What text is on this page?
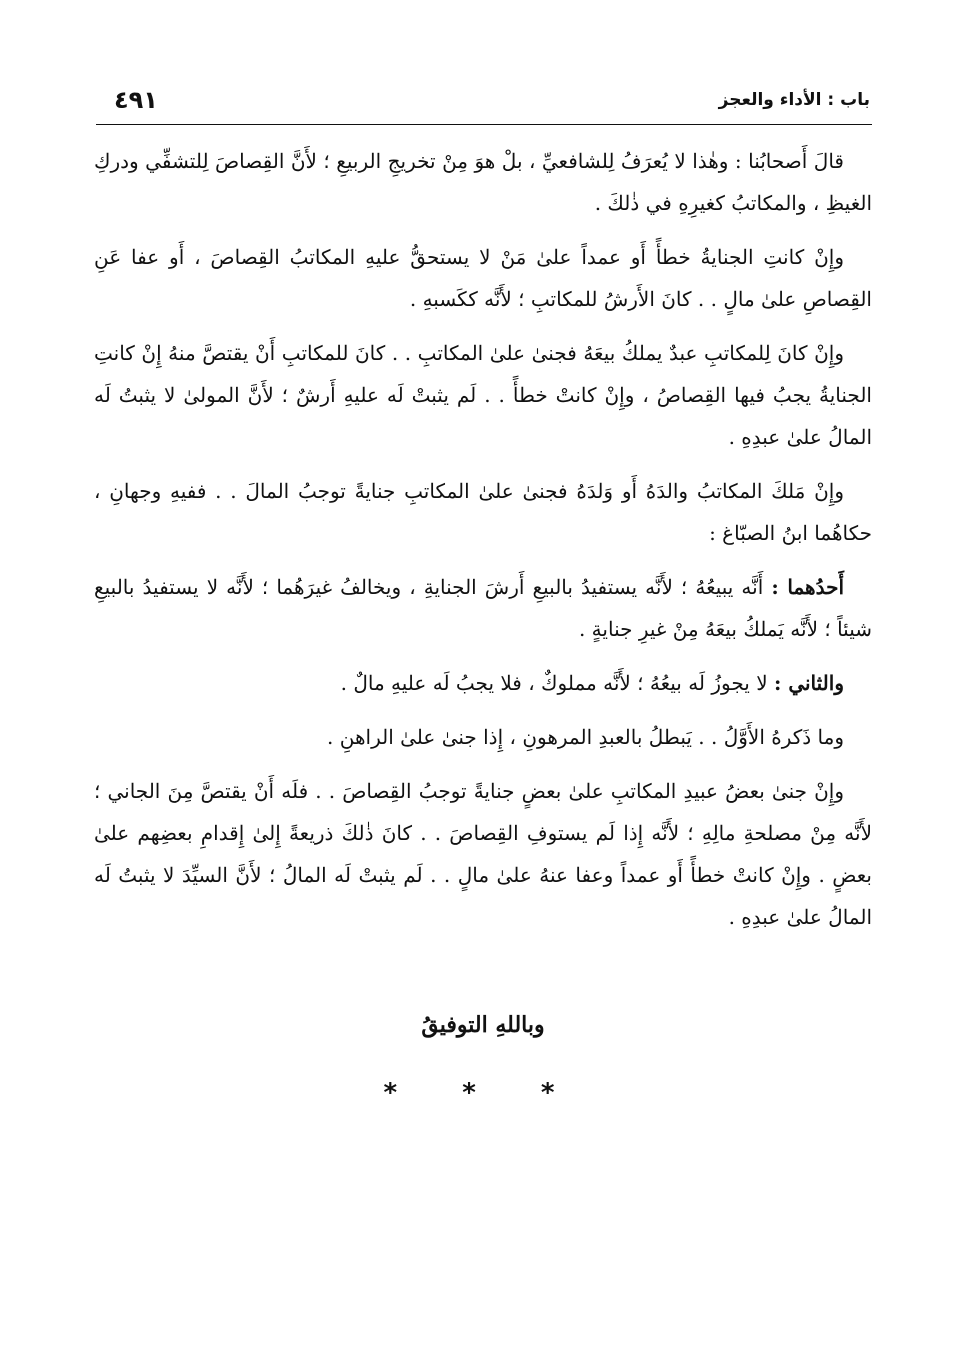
باب : الأداء والعجز
٤٩١

قالَ أَصحابُنا : وهٰذا لا يُعرَفُ لِلشافعيِّ ، بلْ هوَ مِنْ تخريجِ الربيعِ ؛ لأَنَّ القِصاصَ لِلتشفِّي ودركِ الغيظِ ، والمكاتبُ كغيرِهِ في ذٰلكَ .

وإِنْ كانتِ الجنايةُ خطأً أَو عمداً علىٰ مَنْ لا يستحقُّ عليهِ المكاتبُ القِصاصَ ، أَو عفا عَنِ القِصاصِ علىٰ مالٍ . . كانَ الأَرشُ للمكاتبِ ؛ لأَنَّه ككَسبهِ .

وإِنْ كانَ لِلمكاتبِ عبدٌ يملكُ بيعَهُ فجنىٰ علىٰ المكاتبِ . . كانَ للمكاتبِ أَنْ يقتصَّ منهُ إِنْ كانتِ الجنايةُ يجبُ فيها القِصاصُ ، وإِنْ كانتْ خطأً . . لَم يثبتْ لَه عليهِ أَرشٌ ؛ لأَنَّ المولىٰ لا يثبتُ لَه المالُ علىٰ عبدِهِ .

وإِنْ مَلكَ المكاتبُ والدَهُ أَو وَلدَهُ فجنىٰ علىٰ المكاتبِ جنايةً توجبُ المالَ . . ففيهِ وجهانِ ، حكاهُما ابنُ الصبّاغ :

أَحدُهما : أَنَّه يبيعُهُ ؛ لأَنَّه يستفيدُ بالبيعِ أَرشَ الجنايةِ ، ويخالفُ غيرَهُما ؛ لأَنَّه لا يستفيدُ بالبيعِ شيئاً ؛ لأَنَّه يَملكُ بيعَهُ مِنْ غيرِ جنايةٍ .

والثاني : لا يجوزُ لَه بيعُهُ ؛ لأَنَّه مملوكٌ ، فلا يجبُ لَه عليهِ مالٌ .

وما ذَكرهُ الأَوَّلُ . . يَبطلُ بالعبدِ المرهونِ ، إِذا جنىٰ علىٰ الراهنِ .

وإِنْ جنىٰ بعضُ عبيدِ المكاتبِ علىٰ بعضٍ جنايةً توجبُ القِصاصَ . . فلَه أَنْ يقتصَّ مِنَ الجاني ؛ لأَنَّه مِنْ مصلحةِ مالِهِ ؛ لأَنَّه إِذا لَم يستوفِ القِصاصَ . . كانَ ذٰلكَ ذريعةً إِلىٰ إِقدامِ بعضِهم علىٰ بعضٍ . وإِنْ كانتْ خطأً أَو عمداً وعفا عنهُ علىٰ مالٍ . . لَم يثبتْ لَه المالُ ؛ لأَنَّ السيِّدَ لا يثبتُ لَه المالُ علىٰ عبدِهِ .

وباللهِ التوفيقُ
* * *
